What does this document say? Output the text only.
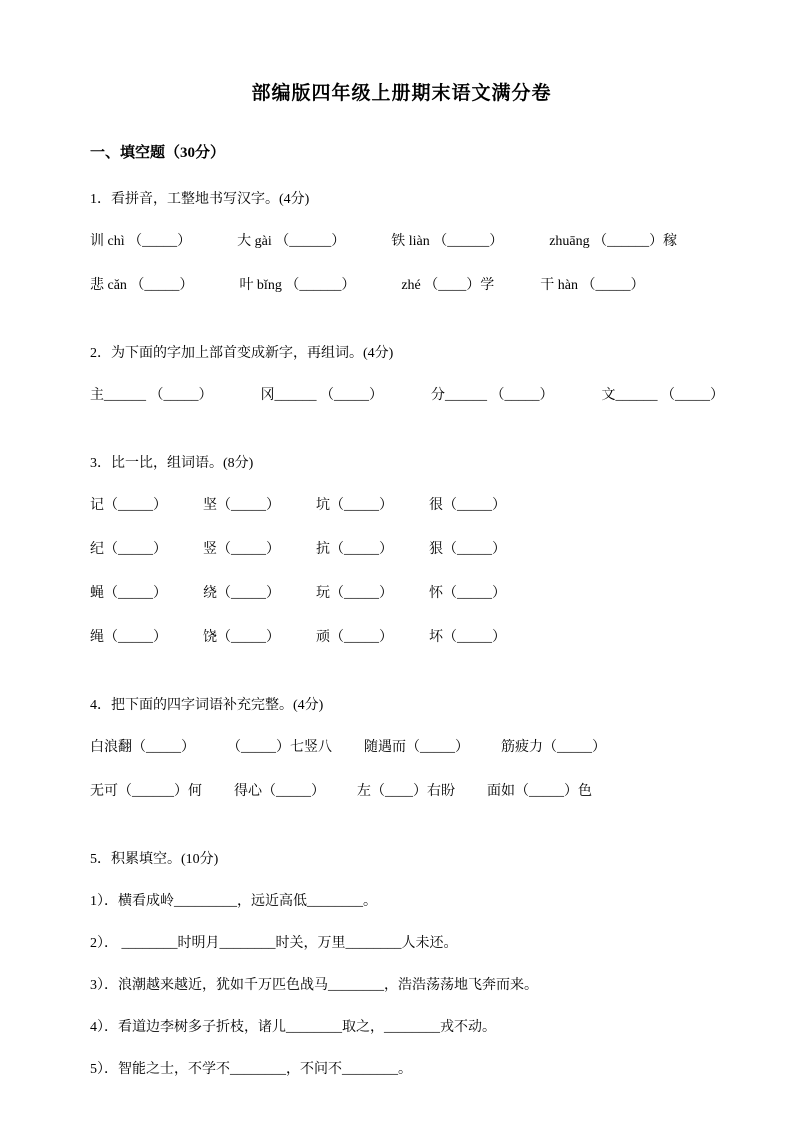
部编版四年级上册期末语文满分卷
一、填空题（30分）

1．看拼音，工整地书写汉字。(4分)

训 chì （_____）	大 gài （______）	铁 liàn （______）	zhuāng （______）稼
悲 cǎn （_____）	叶 bǐng （______）	zhé （____）学	干 hàn （_____）

2．为下面的字加上部首变成新字，再组词。(4分)

主______ （_____）	冈______ （_____）	分______ （_____）	文______ （_____）

3．比一比，组词语。(8分)

记（_____）	坚（_____）	坑（_____）	很（_____）
纪（_____）	竖（_____）	抗（_____）	狠（_____）
蝇（_____）	绕（_____）	玩（_____）	怀（_____）
绳（_____）	饶（_____）	顽（_____）	坏（_____）

4．把下面的四字词语补充完整。(4分)

白浪翻（_____） （_____）七竖八 随遇而（_____） 筋疲力（_____）
无可（______）何 得心（_____） 左（____）右盼 面如（_____）色

5．积累填空。(10分)

1）．横看成岭_________，远近高低________。
2）． ________时明月________时关，万里________人未还。
3）．浪潮越来越近，犹如千万匹色战马________，浩浩荡荡地飞奔而来。
4）．看道边李树多子折枝，诸儿________取之，________戎不动。
5）．智能之士，不学不________，不问不________。
